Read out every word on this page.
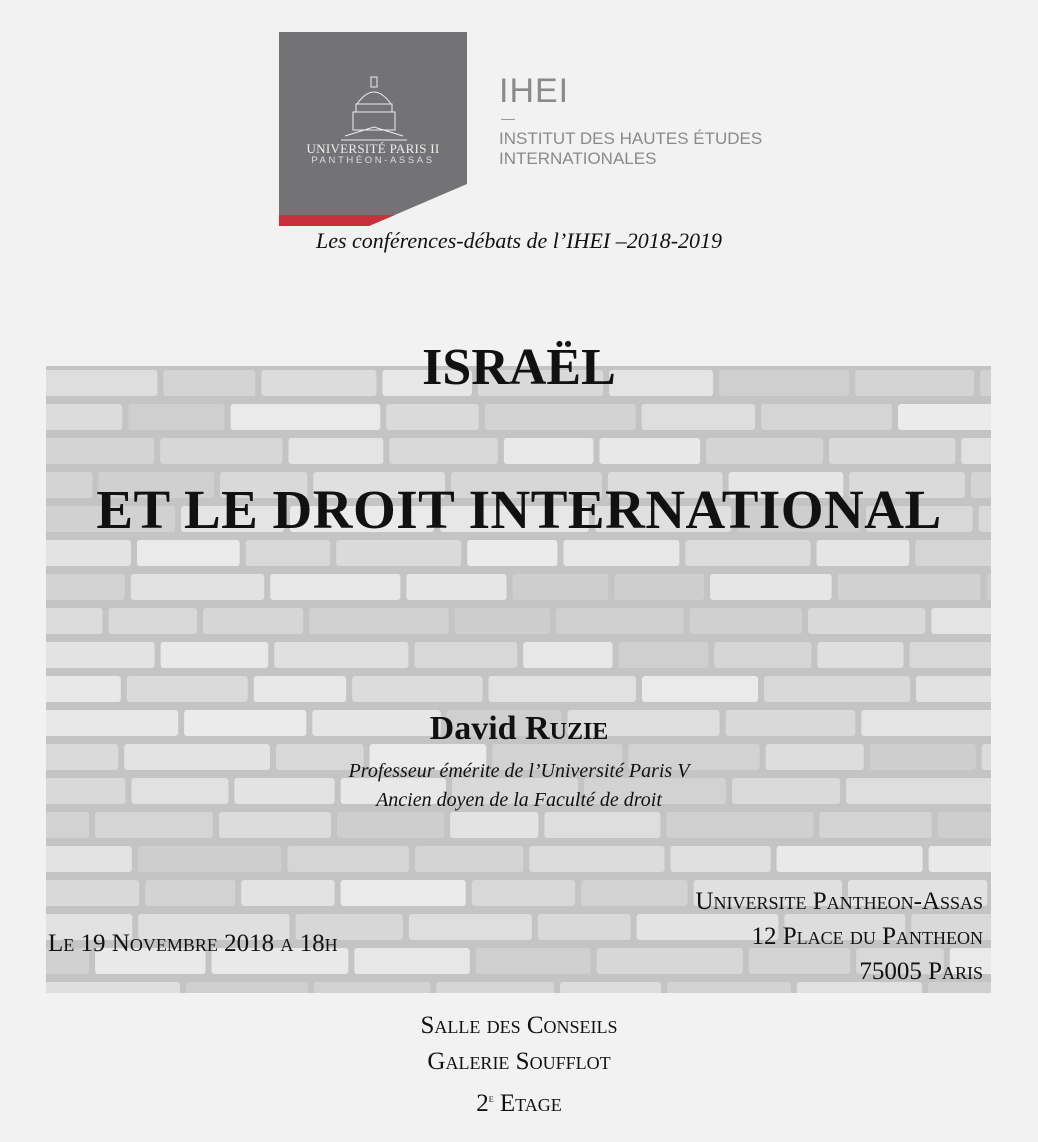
UNIVERSITÉ PARIS II
PANTHÉON-ASSAS
IHEI
INSTITUT DES HAUTES ÉTUDES
INTERNATIONALES
Les conférences-débats de l’IHEI –2018-2019
ISRAËL
ET LE DROIT INTERNATIONAL
David Ruzie
Professeur émérite de l’Université Paris V
Ancien doyen de la Faculté de droit
Le 19 Novembre 2018 a 18h
Universite Pantheon-Assas
12 Place du Pantheon
75005 Paris
Salle des Conseils
Galerie Soufflot
2e Etage
